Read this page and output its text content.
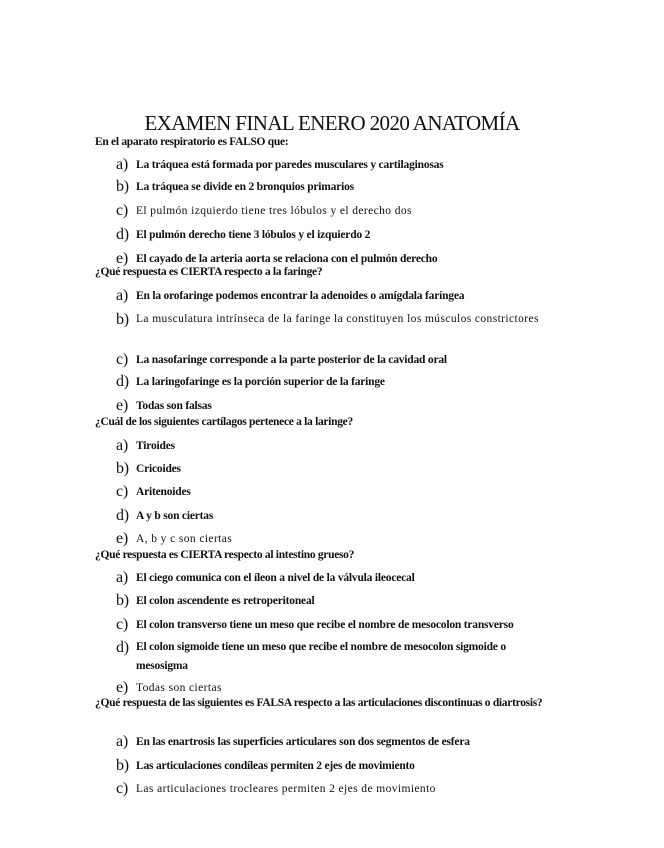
EXAMEN FINAL ENERO 2020 ANATOMÍA
En el aparato respiratorio es FALSO que:
a) La tráquea está formada por paredes musculares y cartilaginosas
b) La tráquea se divide en 2 bronquios primarios
c) El pulmón izquierdo tiene tres lóbulos y el derecho dos
d) El pulmón derecho tiene 3 lóbulos y el izquierdo 2
e) El cayado de la arteria aorta se relaciona con el pulmón derecho
¿Qué respuesta es CIERTA respecto a la faringe?
a) En la orofaringe podemos encontrar la adenoides o amígdala faríngea
b) La musculatura intrínseca de la faringe la constituyen los músculos constrictores
c) La nasofaringe corresponde a la parte posterior de la cavidad oral
d) La laringofaringe es la porción superior de la faringe
e) Todas son falsas
¿Cuál de los siguientes cartílagos pertenece a la laringe?
a) Tiroides
b) Cricoides
c) Aritenoides
d) A y b son ciertas
e) A, b y c son ciertas
¿Qué respuesta es CIERTA respecto al intestino grueso?
a) El ciego comunica con el íleon a nivel de la válvula ileocecal
b) El colon ascendente es retroperitoneal
c) El colon transverso tiene un meso que recibe el nombre de mesocolon transverso
d) El colon sigmoide tiene un meso que recibe el nombre de mesocolon sigmoide o mesosigma
e) Todas son ciertas
¿Qué respuesta de las siguientes es FALSA respecto a las articulaciones discontinuas o diartrosis?
a) En las enartrosis las superficies articulares son dos segmentos de esfera
b) Las articulaciones condíleas permiten 2 ejes de movimiento
c) Las articulaciones trocleares permiten 2 ejes de movimiento
